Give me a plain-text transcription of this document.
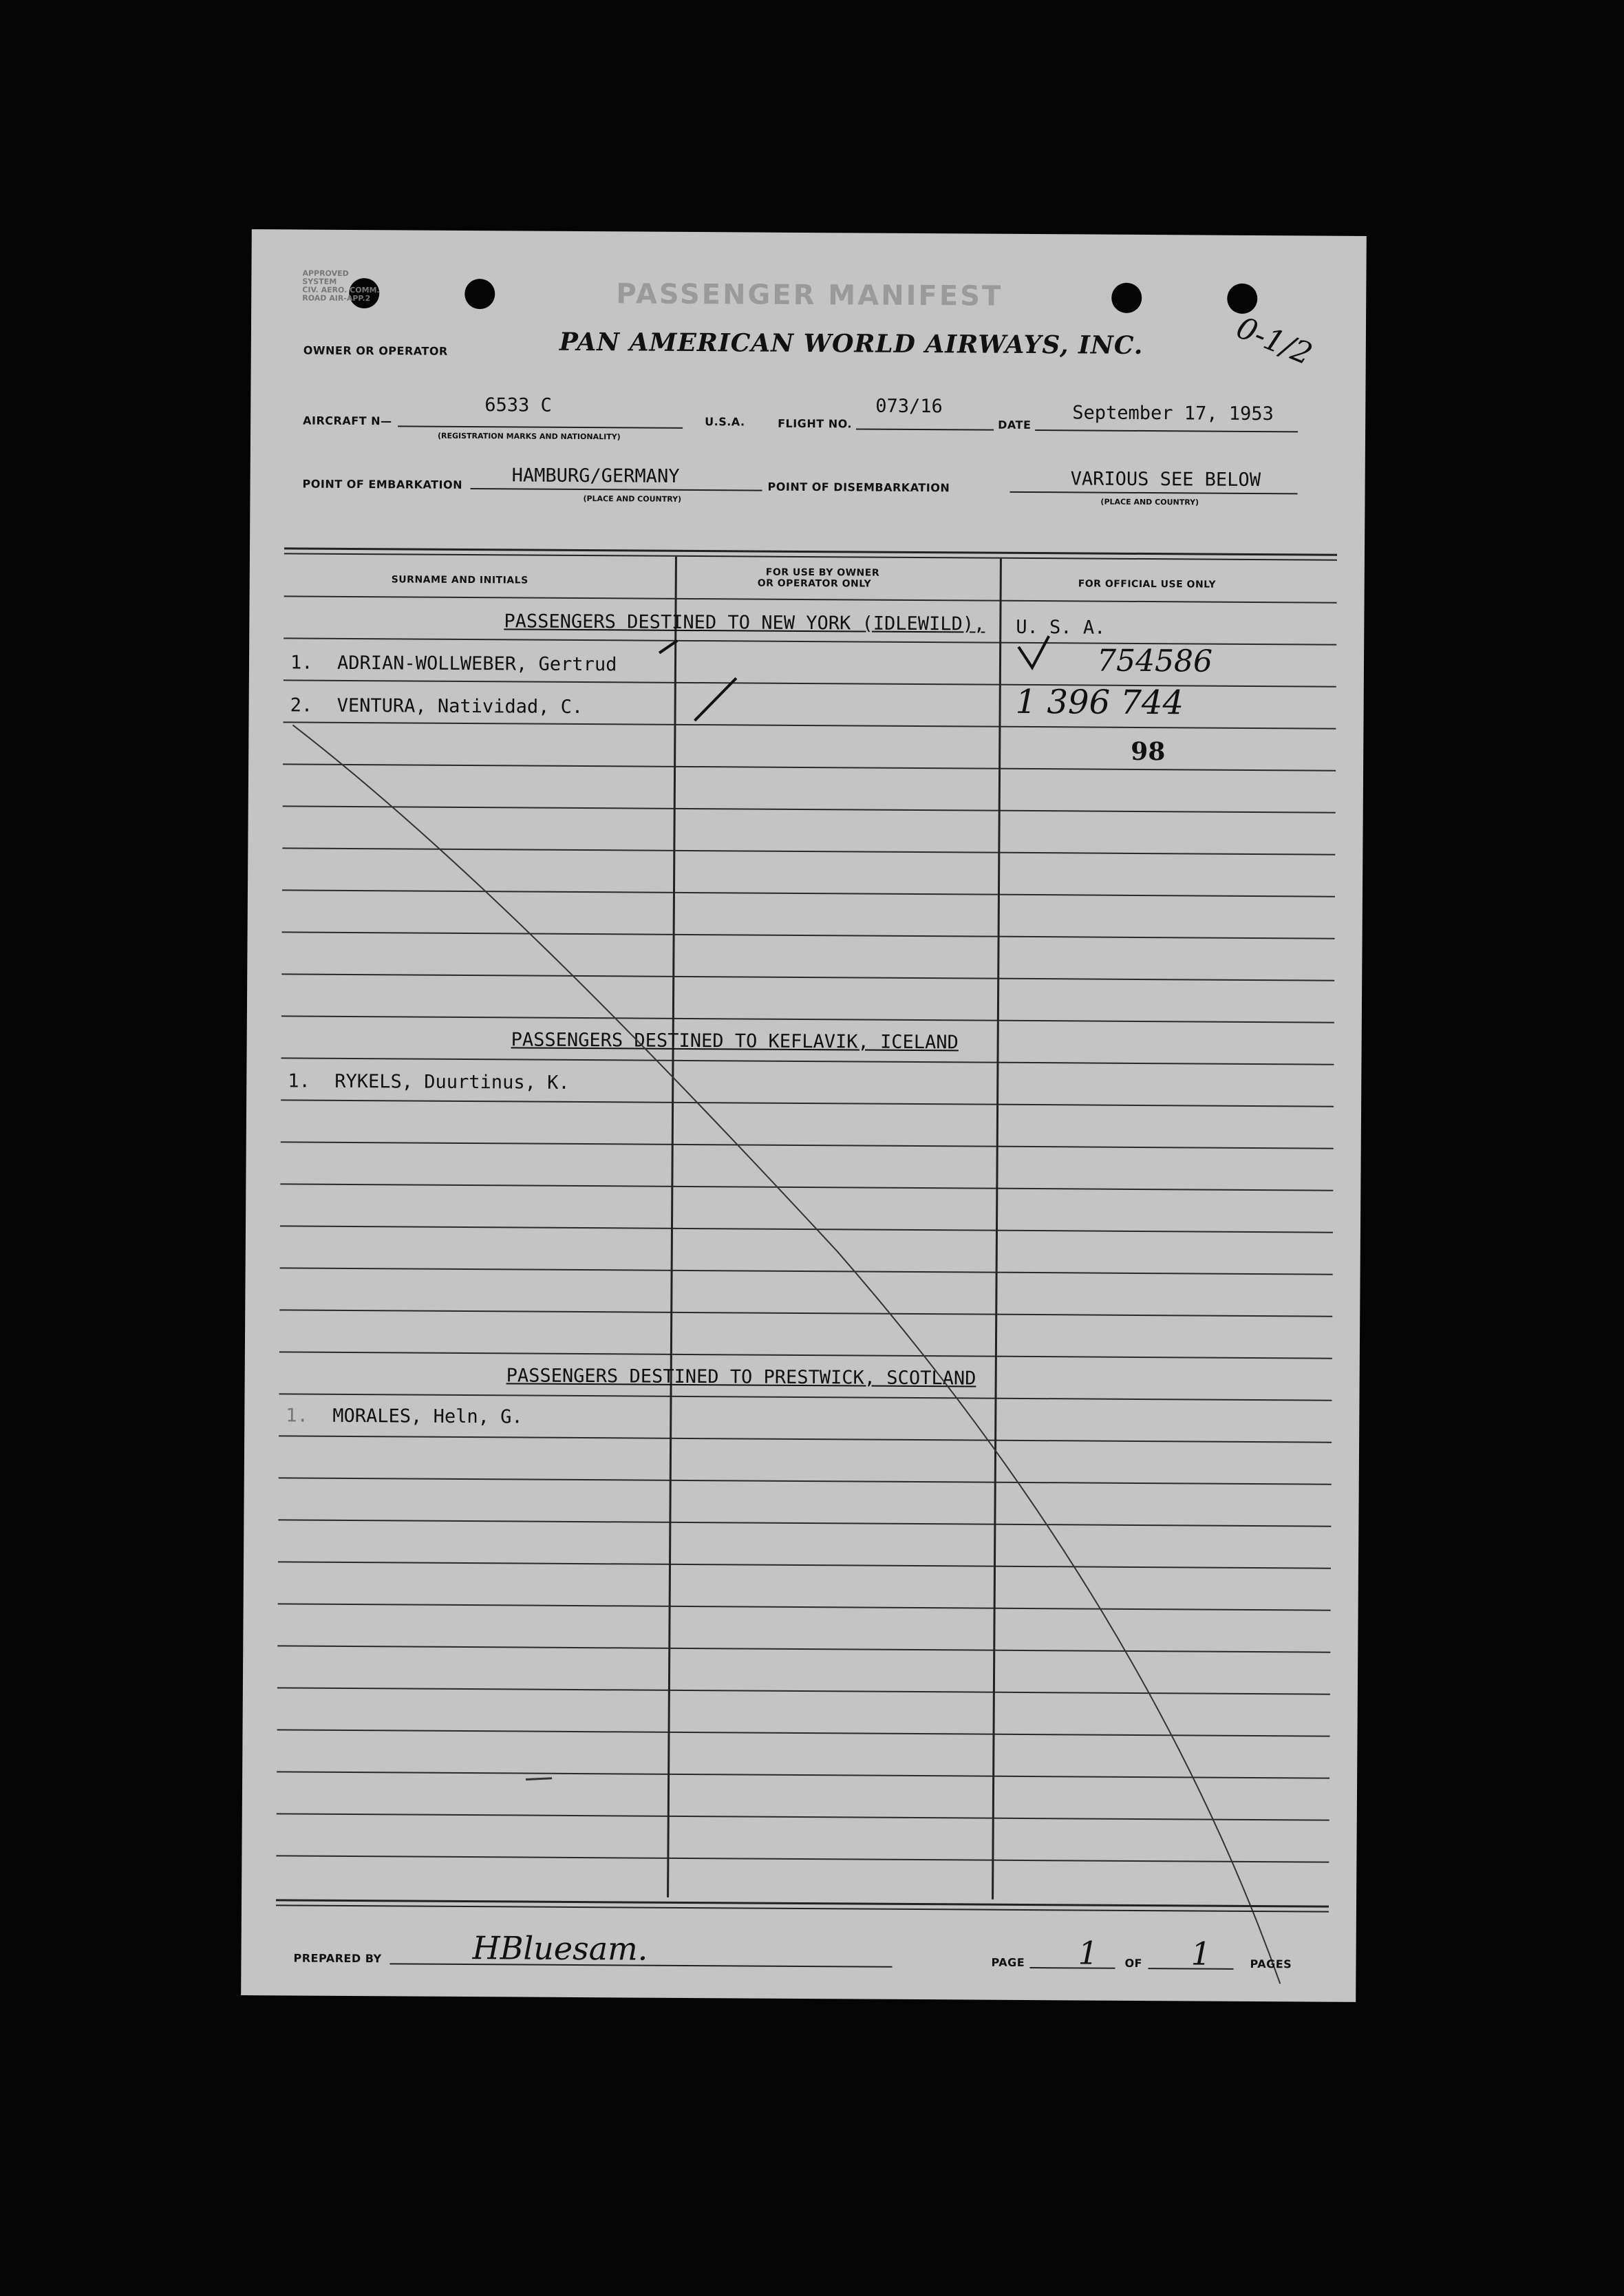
APPROVED
SYSTEM
CIV. AERO. COMM.
ROAD AIR-APP.2	PASSENGER MANIFEST
OWNER OR OPERATOR	PAN AMERICAN WORLD AIRWAYS, INC.	0-1/2
AIRCRAFT N—
6533 C
(REGISTRATION MARKS AND NATIONALITY)
U.S.A.	FLIGHT NO.
073/16
DATE
September 17, 1953
POINT OF EMBARKATION	HAMBURG/GERMANY
(PLACE AND COUNTRY)
POINT OF DISEMBARKATION	VARIOUS SEE BELOW
(PLACE AND COUNTRY)
SURNAME AND INITIALS
FOR USE BY OWNER
OR OPERATOR ONLY	FOR OFFICIAL USE ONLY
PASSENGERS DESTINED TO NEW YORK (IDLEWILD), U. S. A.
1. ADRIAN-WOLLWEBER, Gertrud	754586
2. VENTURA, Natividad, C.	1 396 744
98
PASSENGERS DESTINED TO KEFLAVIK, ICELAND
1. RYKELS, Duurtinus, K.
PASSENGERS DESTINED TO PRESTWICK, SCOTLAND
1. MORALES, Heln, G.
PREPARED BY	HBluesam.	PAGE 1 OF 1	PAGES
